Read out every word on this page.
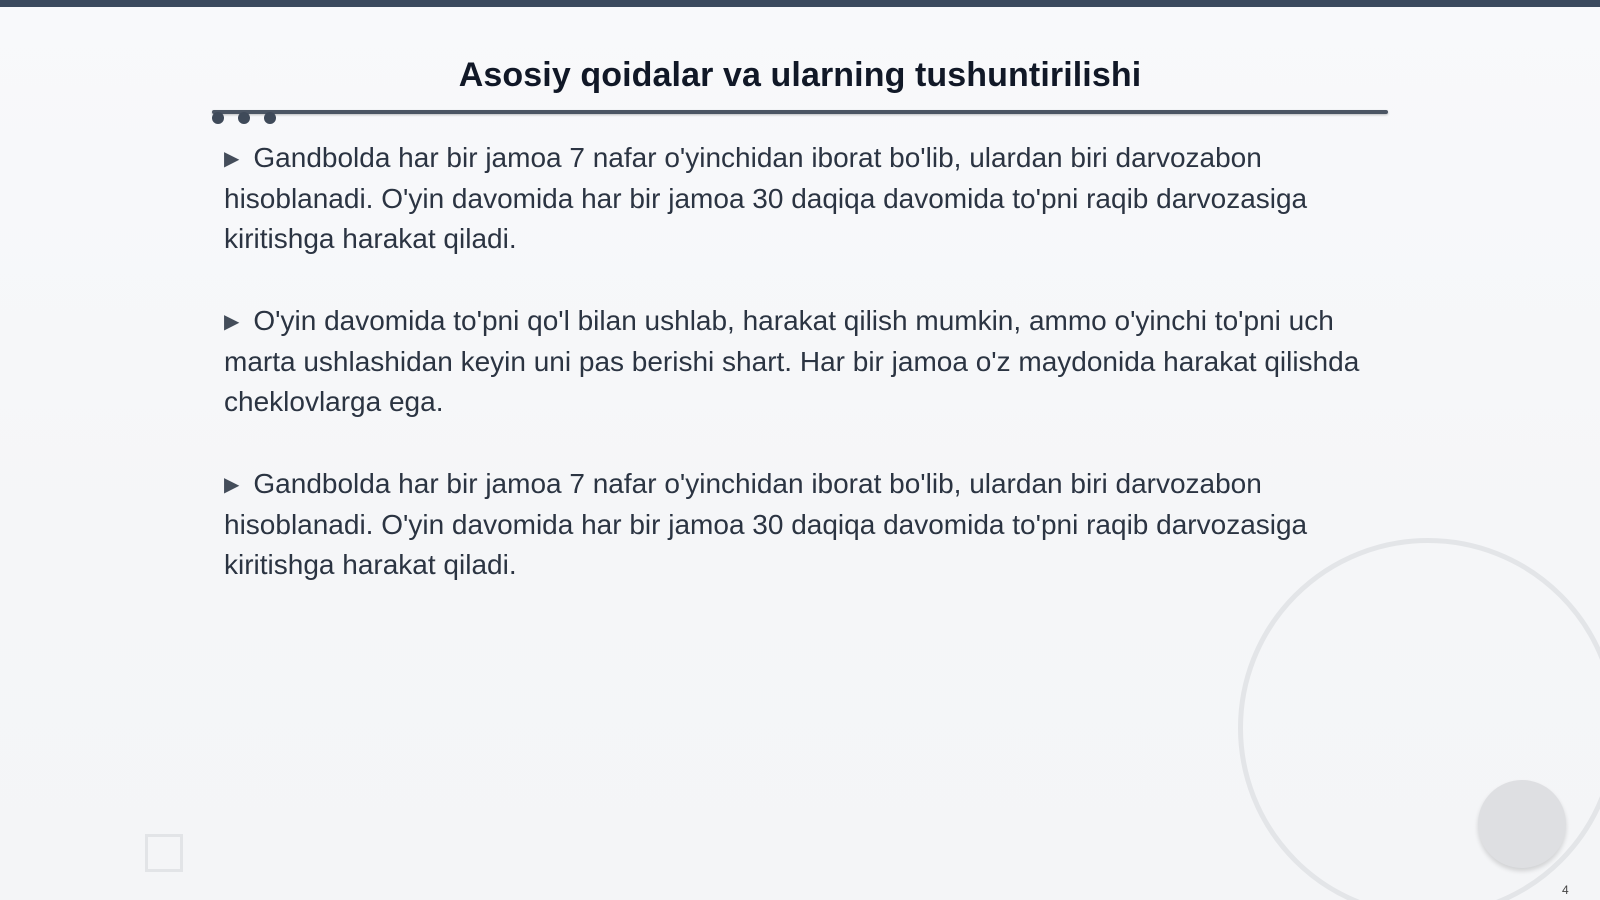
Asosiy qoidalar va ularning tushuntirilishi

▶ Gandbolda har bir jamoa 7 nafar o'yinchidan iborat bo'lib, ulardan biri darvozabon hisoblanadi. O'yin davomida har bir jamoa 30 daqiqa davomida to'pni raqib darvozasiga kiritishga harakat qiladi.

▶ O'yin davomida to'pni qo'l bilan ushlab, harakat qilish mumkin, ammo o'yinchi to'pni uch marta ushlashidan keyin uni pas berishi shart. Har bir jamoa o'z maydonida harakat qilishda cheklovlarga ega.

▶ Gandbolda har bir jamoa 7 nafar o'yinchidan iborat bo'lib, ulardan biri darvozabon hisoblanadi. O'yin davomida har bir jamoa 30 daqiqa davomida to'pni raqib darvozasiga kiritishga harakat qiladi.

4
